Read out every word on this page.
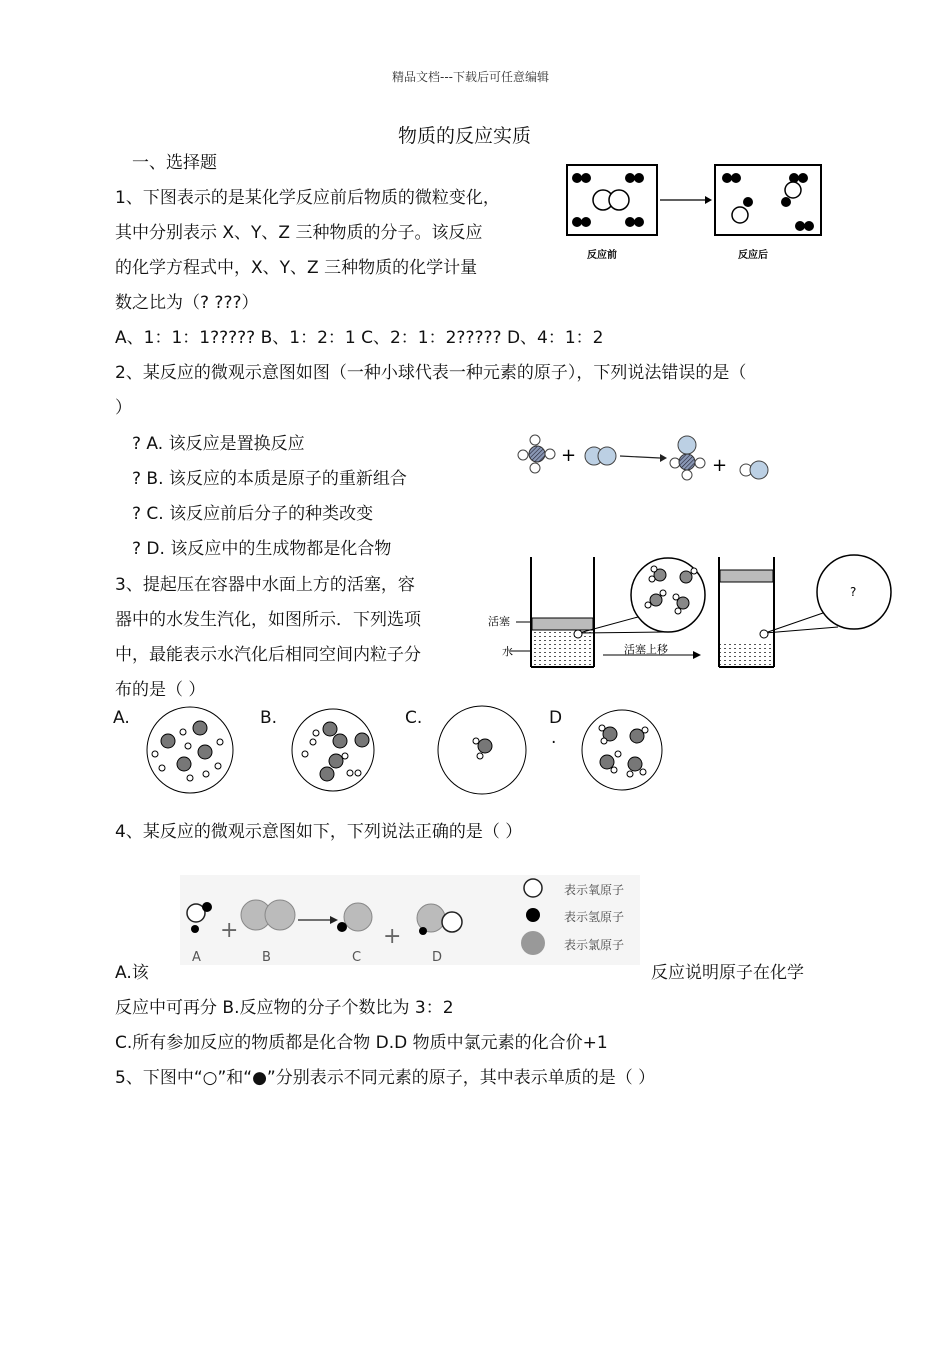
精品文档---下载后可任意编辑
物质的反应实质
一、选择题
1、下图表示的是某化学反应前后物质的微粒变化，
其中分别表示 X、Y、Z 三种物质的分子。该反应
的化学方程式中，X、Y、Z 三种物质的化学计量
数之比为（? ???）
A、1：1：1????? B、1：2：1 C、2：1：2????? D、4：1：2
反应前	反应后
2、某反应的微观示意图如图（一种小球代表一种元素的原子），下列说法错误的是（
）
? A. 该反应是置换反应
? B. 该反应的本质是原子的重新组合
? C. 该反应前后分子的种类改变
? D. 该反应中的生成物都是化合物
+	+
3、提起压在容器中水面上方的活塞，容
器中的水发生汽化，如图所示．下列选项
中，最能表示水汽化后相同空间内粒子分
布的是（ ）
活塞
水	活塞上移
?
A.	B.	C.	D
.
4、某反应的微观示意图如下，下列说法正确的是（ ）
+	+
A	B	C	D
表示氧原子
表示氢原子
表示氯原子
A.该	反应说明原子在化学
反应中可再分 B.反应物的分子个数比为 3：2
C.所有参加反应的物质都是化合物 D.D 物质中氯元素的化合价+1
5、下图中“○”和“●”分别表示不同元素的原子，其中表示单质的是（ ）
